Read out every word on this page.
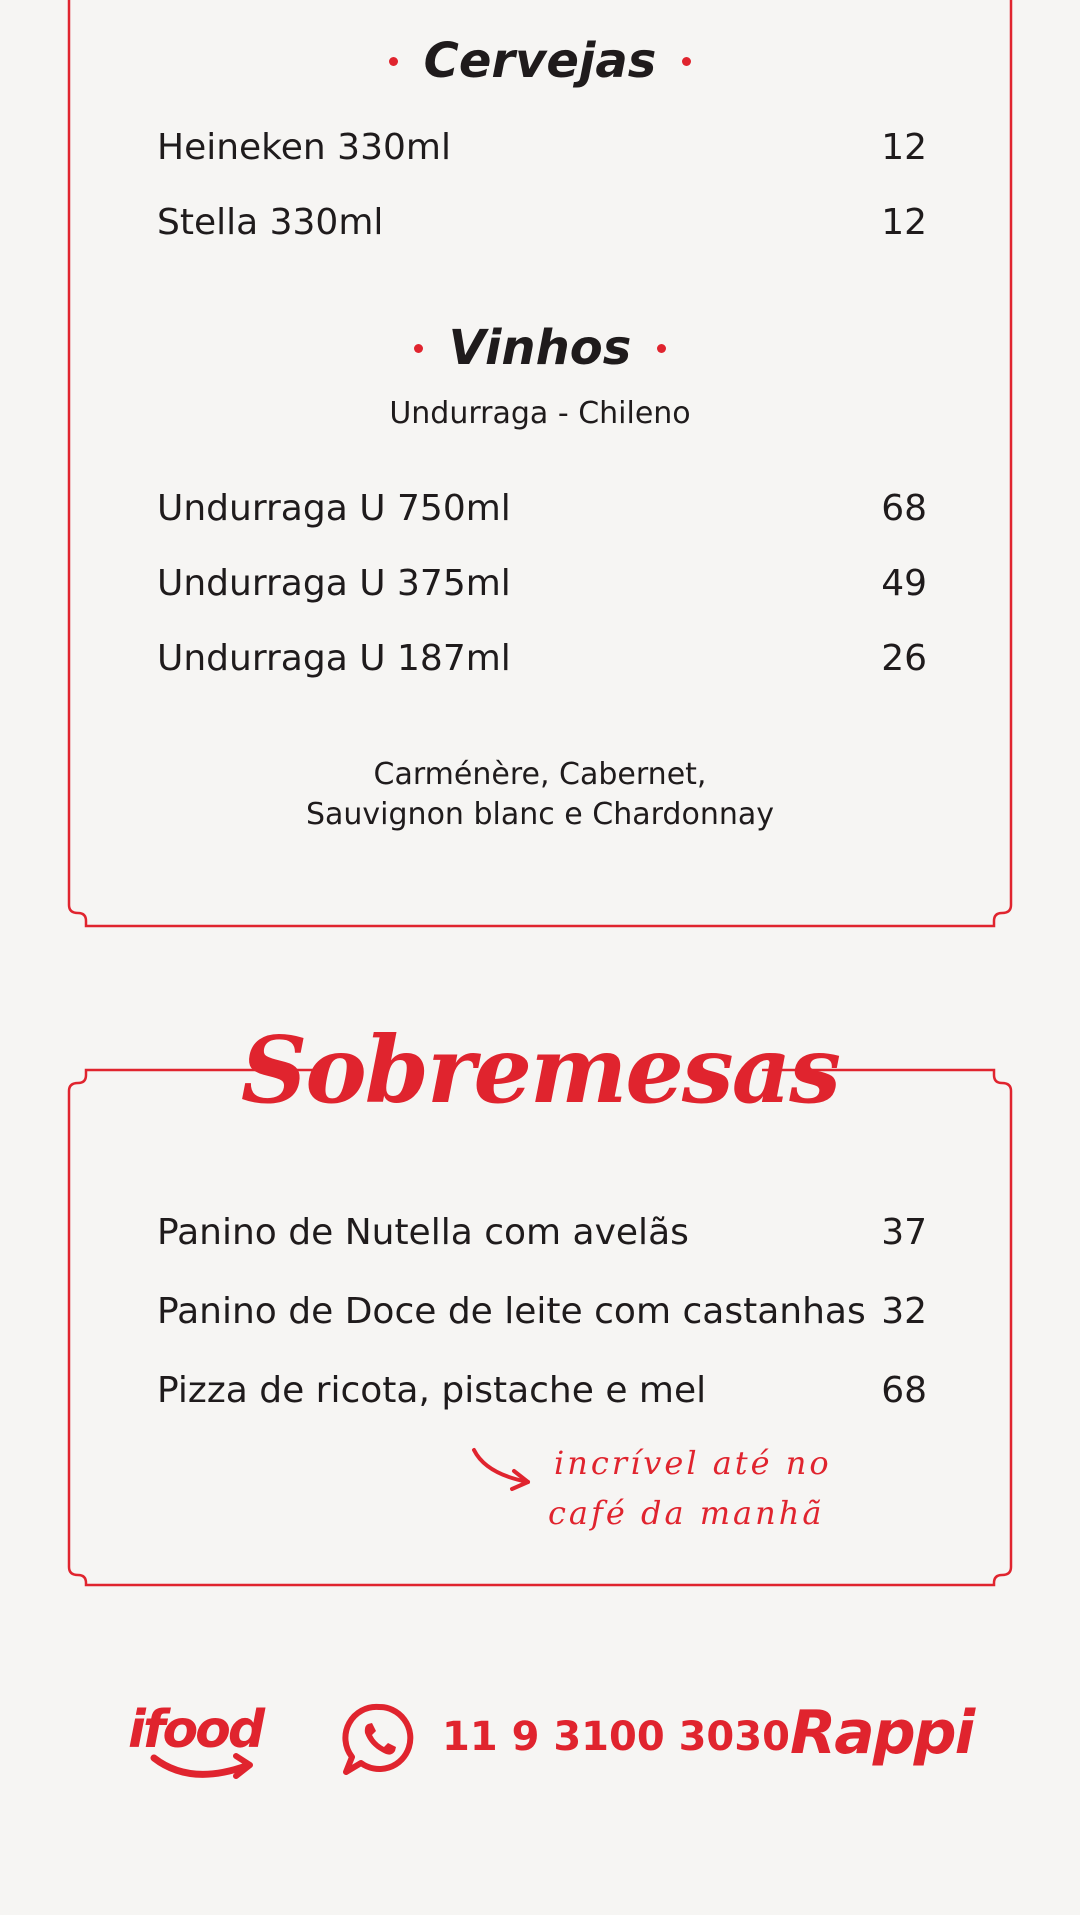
Cervejas
Heineken 330ml	12
Stella 330ml	12
Vinhos
Undurraga - Chileno
Undurraga U 750ml	68
Undurraga U 375ml	49
Undurraga U 187ml	26
Carménère, Cabernet,
Sauvignon blanc e Chardonnay
Sobremesas
Panino de Nutella com avelãs	37
Panino de Doce de leite com castanhas 32
Pizza de ricota, pistache e mel	68
incrível até no
café da manhã
ifood	11 9 3100 3030 Rappi
